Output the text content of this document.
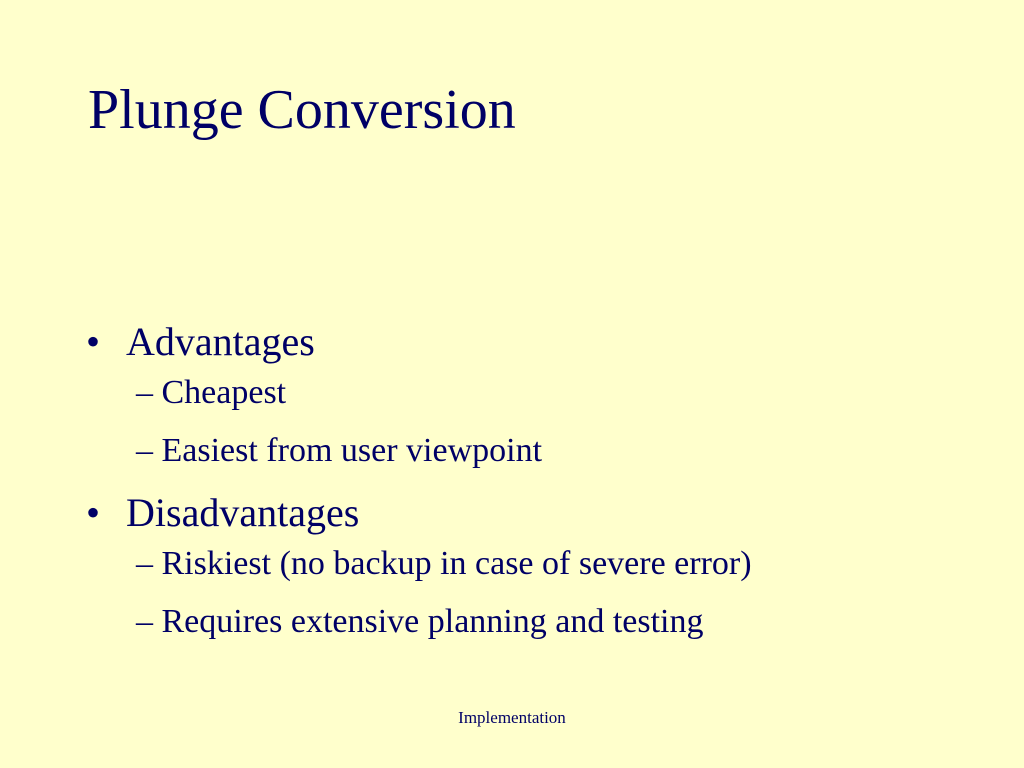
Plunge Conversion
• Advantages
– Cheapest
– Easiest from user viewpoint
• Disadvantages
– Riskiest (no backup in case of severe error)
– Requires extensive planning and testing
Implementation
